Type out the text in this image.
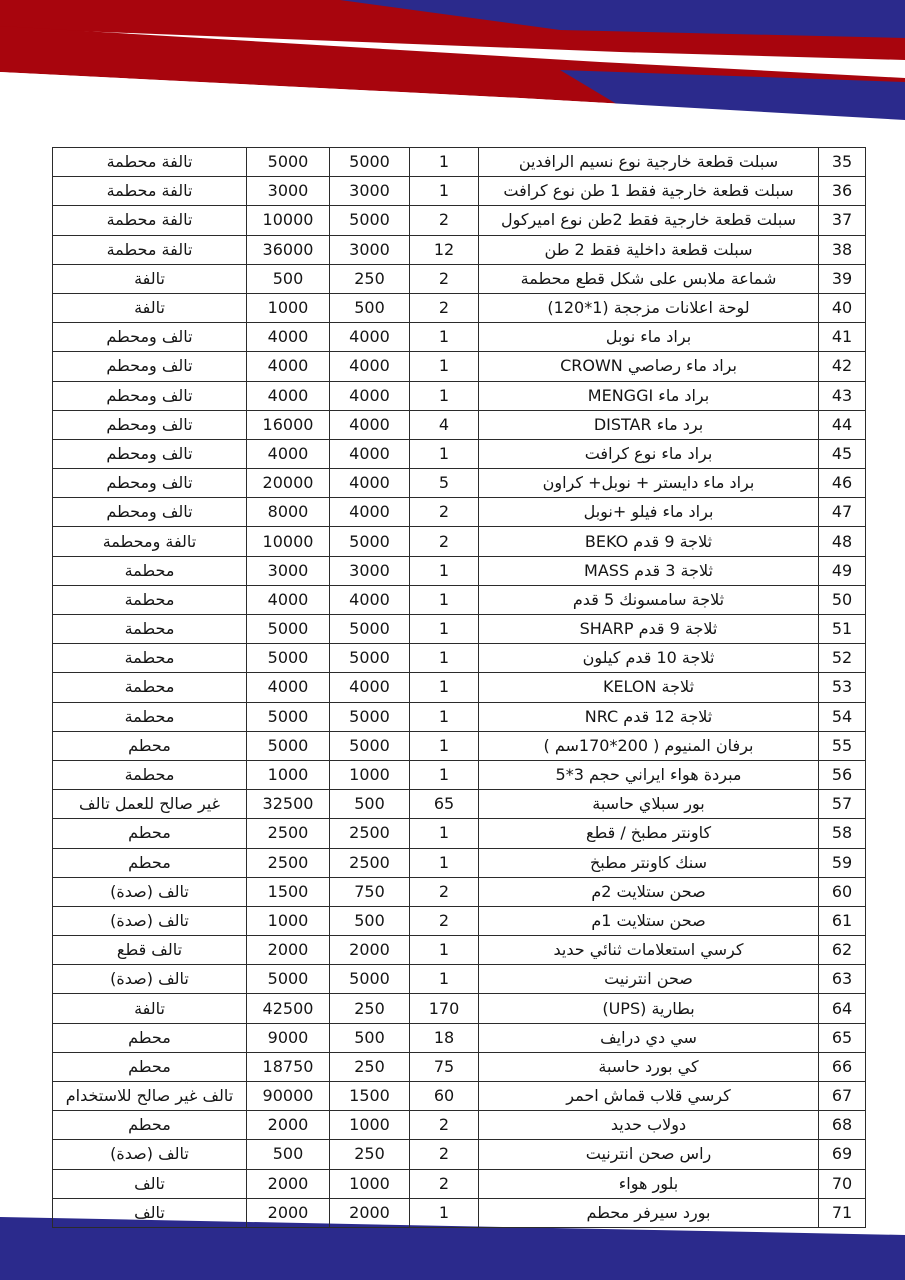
35	سبلت قطعة خارجية نوع نسيم الرافدين	1	5000	5000	تالفة محطمة
36	سبلت قطعة خارجية فقط 1 طن نوع كرافت	1	3000	3000	تالفة محطمة
37	سبلت قطعة خارجية فقط 2طن نوع اميركول	2	5000	10000	تالفة محطمة
38	سبلت قطعة داخلية فقط 2 طن	12	3000	36000	تالفة محطمة
39	شماعة ملابس على شكل قطع محطمة	2	250	500	تالفة
40	لوحة اعلانات مزججة (1*120)	2	500	1000	تالفة
41	براد ماء نوبل	1	4000	4000	تالف ومحطم
42	براد ماء رصاصي CROWN	1	4000	4000	تالف ومحطم
43	براد ماء MENGGI	1	4000	4000	تالف ومحطم
44	برد ماء DISTAR	4	4000	16000	تالف ومحطم
45	براد ماء نوع كرافت	1	4000	4000	تالف ومحطم
46	براد ماء دايستر + نوبل+ كراون	5	4000	20000	تالف ومحطم
47	براد ماء فيلو +نوبل	2	4000	8000	تالف ومحطم
48	ثلاجة 9 قدم BEKO	2	5000	10000	تالفة ومحطمة
49	ثلاجة 3 قدم MASS	1	3000	3000	محطمة
50	ثلاجة سامسونك 5 قدم	1	4000	4000	محطمة
51	ثلاجة 9 قدم SHARP	1	5000	5000	محطمة
52	ثلاجة 10 قدم كيلون	1	5000	5000	محطمة
53	ثلاجة KELON	1	4000	4000	محطمة
54	ثلاجة 12 قدم NRC	1	5000	5000	محطمة
55	برفان المنيوم ( 200*170سم )	1	5000	5000	محطم
56	مبردة هواء ايراني حجم 3*5	1	1000	1000	محطمة
57	بور سبلاي حاسبة	65	500	32500	غير صالح للعمل تالف
58	كاونتر مطبخ / قطع	1	2500	2500	محطم
59	سنك كاونتر مطبخ	1	2500	2500	محطم
60	صحن ستلايت 2م	2	750	1500	تالف (صدة)
61	صحن ستلايت 1م	2	500	1000	تالف (صدة)
62	كرسي استعلامات ثنائي حديد	1	2000	2000	تالف قطع
63	صحن انترنيت	1	5000	5000	تالف (صدة)
64	بطارية (UPS)	170	250	42500	تالفة
65	سي دي درايف	18	500	9000	محطم
66	كي بورد حاسبة	75	250	18750	محطم
67	كرسي قلاب قماش احمر	60	1500	90000	تالف غير صالح للاستخدام
68	دولاب حديد	2	1000	2000	محطم
69	راس صحن انترنيت	2	250	500	تالف (صدة)
70	بلور هواء	2	1000	2000	تالف
71	بورد سيرفر محطم	1	2000	2000	تالف
